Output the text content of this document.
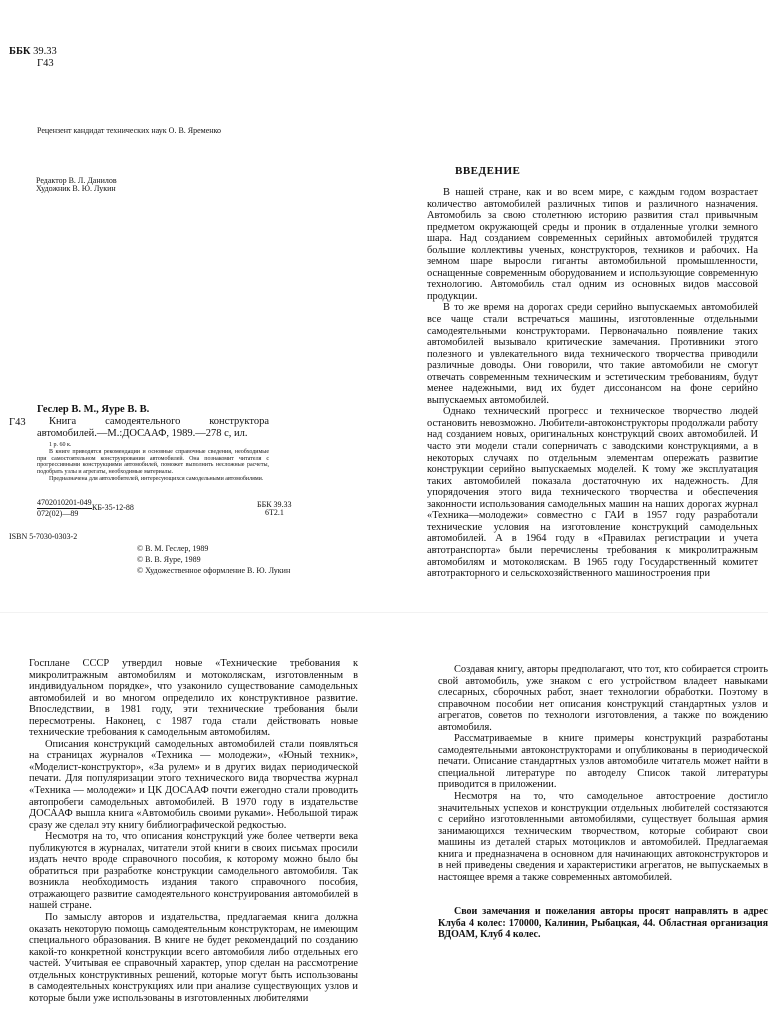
ББК 39.33
Г43
Рецензент кандидат технических наук О. В. Яременко
Редактор В. Л. Данилов
Художник В. Ю. Лукин
Геслер В. М., Яуре В. В.
Г43	Книга самодеятельного конструктора автомобилей.—М.:ДОСААФ, 1989.—278 с, ил.
1 р. 60 к.
В книге приводятся рекомендации и основные справочные сведения, необходимые при самостоятельном конструировании автомобилей. Она познакомит читателя с прогрессивными конструкциями автомобилей, поможет выполнить несложные расчеты, подобрать узлы и агрегаты, необходимые материалы.
Предназначена для автолюбителей, интересующихся самодельными автомобилями.
4702010201-049
072(02)—89
— КБ-35-12-88	ББК 39.33
6Т2.1
ISBN 5-7030-0303-2
© В. М. Геслер, 1989
© В. В. Яуре, 1989
© Художественное оформление В. Ю. Лукин
ВВЕДЕНИЕ

В нашей стране, как и во всем мире, с каждым годом возрастает количество автомобилей различных типов и различного назначения. Автомобиль за свою столетнюю историю развития стал привычным предметом окружающей среды и проник в отдаленные уголки земного шара. Над созданием современных серийных автомобилей трудятся большие коллективы ученых, конструкторов, техников и рабочих. На земном шаре выросли гиганты автомобильной промышленности, оснащенные современным оборудованием и использующие современную технологию. Автомобиль стал одним из основных видов массовой продукции.

В то же время на дорогах среди серийно выпускаемых автомобилей все чаще стали встречаться машины, изготовленные отдельными самодеятельными конструкторами. Первоначально появление таких автомобилей вызывало критические замечания. Противники этого полезного и увлекательного вида технического творчества приводили различные доводы. Они говорили, что такие автомобили не смогут отвечать современным техническим и эстетическим требованиям, будут менее надежными, вид их будет диссонансом на фоне серийно выпускаемых автомобилей.

Однако технический прогресс и техническое творчество людей остановить невозможно. Любители-автоконструкторы продолжали работу над созданием новых, оригинальных конструкций своих автомобилей. И часто эти модели стали соперничать с заводскими конструкциями, а в некоторых случаях по отдельным элементам опережать развитие конструкции серийно выпускаемых моделей. К тому же эксплуатация таких автомобилей показала достаточную их надежность. Для упорядочения этого вида технического творчества и обеспечения законности использования самодельных машин на наших дорогах журнал «Техника—молодежи» совместно с ГАИ в 1957 году разработали технические условия на изготовление конструкций самодельных автомобилей. А в 1964 году в «Правилах регистрации и учета автотранспорта» были перечислены требования к микролитражным автомобилям и мотоколяскам. В 1965 году Государственный комитет автотракторного и сельскохозяйственного машиностроения при

Госплане СССР утвердил новые «Технические требования к микролитражным автомобилям и мотоколяскам, изготовленным в индивидуальном порядке», что узаконило существование самодельных автомобилей и во многом определило их конструктивное развитие. Впоследствии, в 1981 году, эти технические требования были пересмотрены. Наконец, с 1987 года стали действовать новые технические требования к самодельным автомобилям.

Описания конструкций самодельных автомобилей стали появляться на страницах журналов «Техника — молодежи», «Юный техник», «Моделист-конструктор», «За рулем» и в других видах периодической печати. Для популяризации этого технического вида творчества журнал «Техника — молодежи» и ЦК ДОСААФ почти ежегодно стали проводить автопробеги самодельных автомобилей. В 1970 году в издательстве ДОСААФ вышла книга «Автомобиль своими руками». Небольшой тираж сразу же сделал эту книгу библиографической редкостью.

Несмотря на то, что описания конструкций уже более четверти века публикуются в журналах, читатели этой книги в своих письмах просили издать нечто вроде справочного пособия, к которому можно было бы обратиться при разработке конструкции самодельного автомобиля. Так возникла необходимость издания такого справочного пособия, отражающего развитие самодеятельного конструирования автомобилей в нашей стране.

По замыслу авторов и издательства, предлагаемая книга должна оказать некоторую помощь самодеятельным конструкторам, не имеющим специального образования. В книге не будет рекомендаций по созданию какой-то конкретной конструкции всего автомобиля либо отдельных его частей. Учитывая ее справочный характер, упор сделан на рассмотрение отдельных конструктивных решений, которые могут быть использованы в самодеятельных конструкциях или при анализе существующих узлов и которые были уже использованы в изготовленных любителями

Создавая книгу, авторы предполагают, что тот, кто собирается строить свой автомобиль, уже знаком с его устройством владеет навыками слесарных, сборочных работ, знает технологии обработки. Поэтому в справочном пособии нет описания конструкций стандартных узлов и агрегатов, советов по технологи изготовления, а также по вождению автомобиля.

Рассматриваемые в книге примеры конструкций разработаны самодеятельными автоконструкторами и опубликованы в периодической печати. Описание стандартных узлов автомобиле читатель может найти в специальной литературе по автоделу Список такой литературы приводится в приложении.

Несмотря на то, что самодельное автостроение достигло значительных успехов и конструкции отдельных любителей состязаются с серийно изготовленными автомобилями, существует большая армия занимающихся техническим творчеством, которые собирают свои машины из деталей старых мотоциклов и автомобилей. Предлагаемая книга и предназначена в основном для начинающих автоконструкторов и в ней приведены сведения и характеристики агрегатов, не выпускаемых в настоящее время а также современных автомобилей.

Свои замечания и пожелания авторы просят направлять в адрес Клуба 4 колес: 170000, Калинин, Рыбацкая, 44. Областная организация ВДОАМ, Клуб 4 колес.
